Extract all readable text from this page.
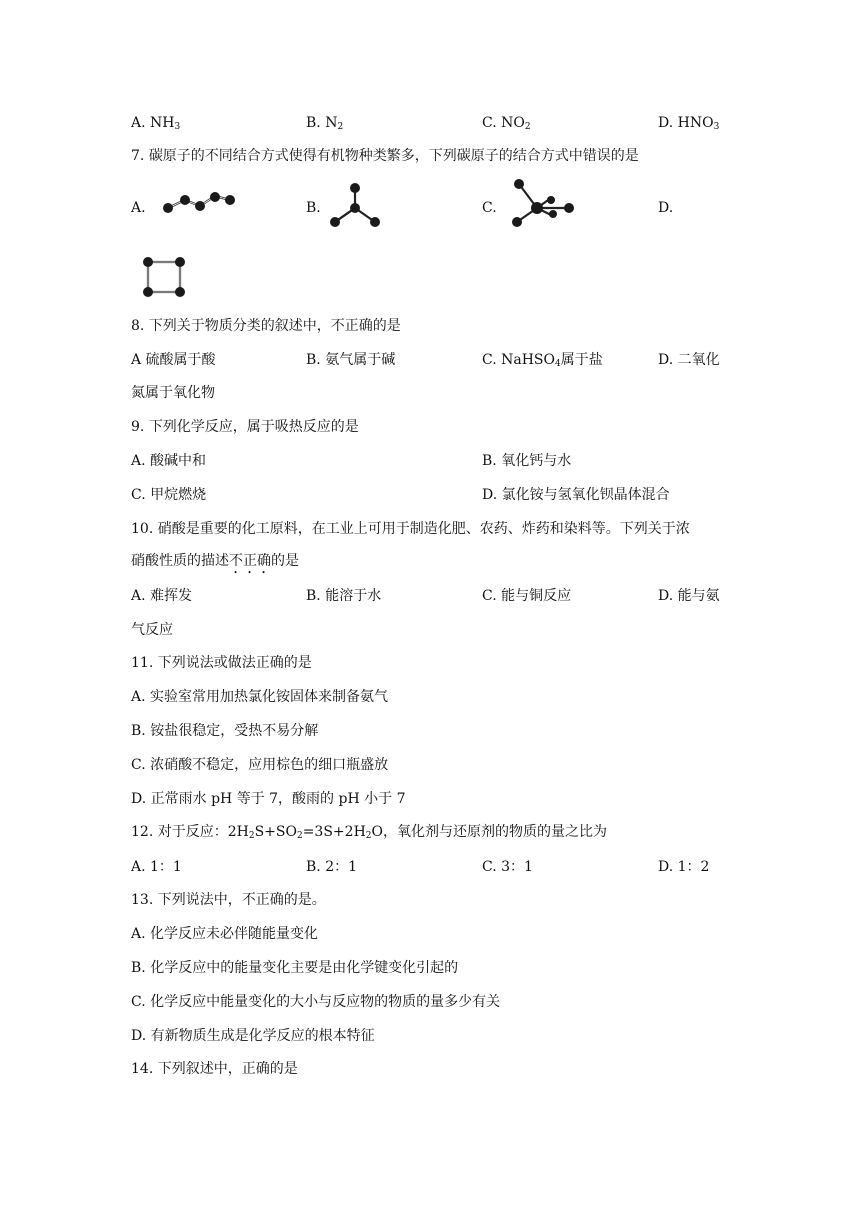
A. $NH_3$	B. $N_2$	C. $NO_2$	D. $HNO_3$
7. 碳原子的不同结合方式使得有机物种类繁多，下列碳原子的结合方式中错误的是
A.	B.	C.	D.
8. 下列关于物质分类的叙述中，不正确的是
A 硫酸属于酸	B. 氨气属于碱	C. NaHSO$_4$属于盐	D. 二氧化
氮属于氧化物
9. 下列化学反应，属于吸热反应的是
A. 酸碱中和	B. 氧化钙与水
C. 甲烷燃烧	D. 氯化铵与氢氧化钡晶体混合
10. 硝酸是重要的化工原料，在工业上可用于制造化肥、农药、炸药和染料等。下列关于浓
硝酸性质的描述不正确的是
A. 难挥发	B. 能溶于水	C. 能与铜反应	D. 能与氨
气反应
11. 下列说法或做法正确的是
A. 实验室常用加热氯化铵固体来制备氨气
B. 铵盐很稳定，受热不易分解
C. 浓硝酸不稳定，应用棕色的细口瓶盛放
D. 正常雨水 pH 等于 7，酸雨的 pH 小于 7
12. 对于反应：$2H_2S+SO_2=3S+2H_2O$，氧化剂与还原剂的物质的量之比为
A. 1：1	B. 2：1	C. 3：1	D. 1：2
13. 下列说法中，不正确的是。
A. 化学反应未必伴随能量变化
B. 化学反应中的能量变化主要是由化学键变化引起的
C. 化学反应中能量变化的大小与反应物的物质的量多少有关
D. 有新物质生成是化学反应的根本特征
14. 下列叙述中，正确的是
